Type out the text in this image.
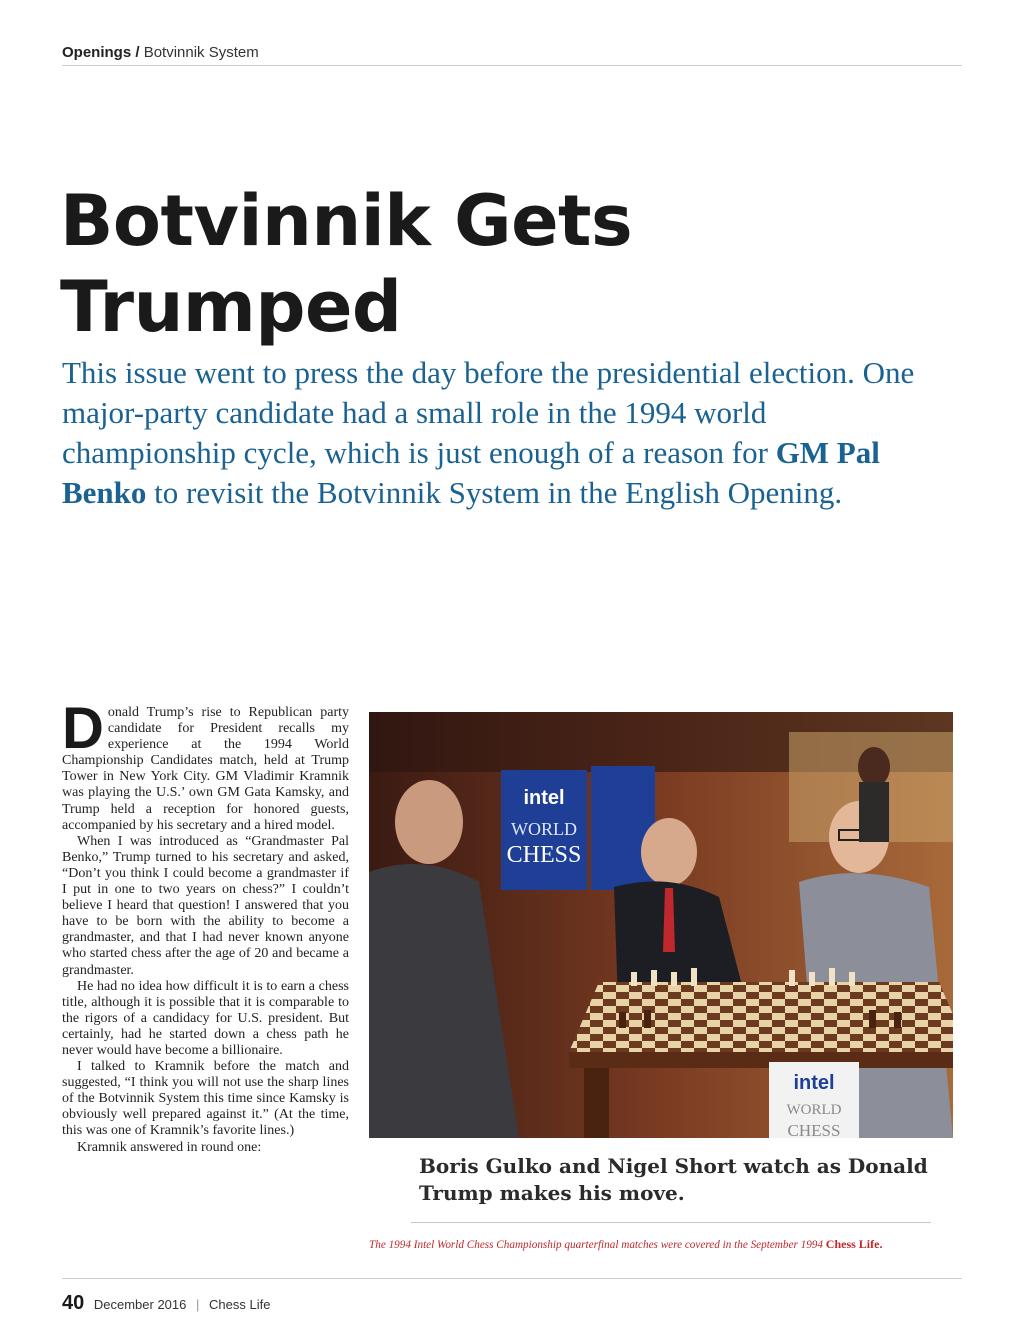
Openings / Botvinnik System
Botvinnik Gets
Trumped

This issue went to press the day before the presidential election. One major-party candidate had a small role in the 1994 world championship cycle, which is just enough of a reason for GM Pal Benko to revisit the Botvinnik System in the English Opening.

Donald Trump’s rise to Republican party candidate for President recalls my experience at the 1994 World Championship Candidates match, held at Trump Tower in New York City. GM Vladimir Kramnik was playing the U.S.’ own GM Gata Kamsky, and Trump held a reception for honored guests, accompanied by his secretary and a hired model.

When I was introduced as “Grandmaster Pal Benko,” Trump turned to his secretary and asked, “Don’t you think I could become a grandmaster if I put in one to two years on chess?” I couldn’t believe I heard that question! I answered that you have to be born with the ability to become a grandmaster, and that I had never known anyone who started chess after the age of 20 and became a grandmaster.

He had no idea how difficult it is to earn a chess title, although it is possible that it is comparable to the rigors of a candidacy for U.S. president. But certainly, had he started down a chess path he never would have become a billionaire.

I talked to Kramnik before the match and suggested, “I think you will not use the sharp lines of the Botvinnik System this time since Kamsky is obviously well prepared against it.” (At the time, this was one of Kramnik’s favorite lines.)

Kramnik answered in round one:

intel
WORLD
CHESS
intel
WORLD
CHESS
Boris Gulko and Nigel Short watch as Donald Trump makes his move.
The 1994 Intel World Chess Championship quarterfinal matches were covered in the September 1994 Chess Life.
40 December 2016 | Chess Life
